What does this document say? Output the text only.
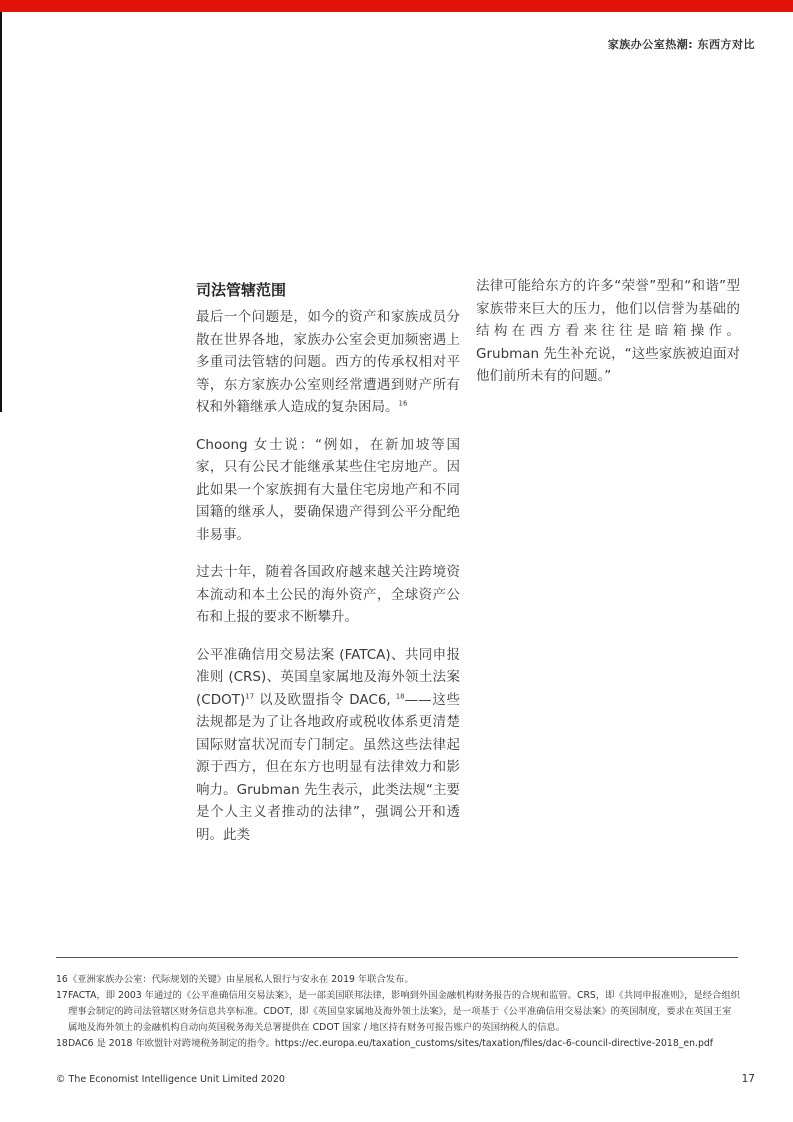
家族办公室热潮: 东西方对比
司法管辖范围

最后一个问题是，如今的资产和家族成员分散在世界各地，家族办公室会更加频密遇上多重司法管辖的问题。西方的传承权相对平等，东方家族办公室则经常遭遇到财产所有权和外籍继承人造成的复杂困局。$^{16}$

Choong 女士说：“例如，在新加坡等国家，只有公民才能继承某些住宅房地产。因此如果一个家族拥有大量住宅房地产和不同国籍的继承人，要确保遗产得到公平分配绝非易事。

过去十年，随着各国政府越来越关注跨境资本流动和本土公民的海外资产，全球资产公布和上报的要求不断攀升。

公平准确信用交易法案 (FATCA)、共同申报准则 (CRS)、英国皇家属地及海外领土法案 (CDOT)$^{17}$ 以及欧盟指令 DAC6, $^{18}$——这些法规都是为了让各地政府或税收体系更清楚国际财富状况而专门制定。虽然这些法律起源于西方，但在东方也明显有法律效力和影响力。Grubman 先生表示，此类法规“主要是个人主义者推动的法律”，强调公开和透明。此类

法律可能给东方的许多“荣誉”型和“和谐”型家族带来巨大的压力，他们以信誉为基础的结构在西方看来往往是暗箱操作。Grubman 先生补充说，“这些家族被迫面对他们前所未有的问题。”

16 《亚洲家族办公室：代际规划的关键》由星展私人银行与安永在 2019 年联合发布。
17 FACTA，即 2003 年通过的《公平准确信用交易法案》，是一部美国联邦法律，影响到外国金融机构财务报告的合规和监管。CRS，即《共同申报准则》，是经合组织理事会制定的跨司法管辖区财务信息共享标准。CDOT，即《英国皇家属地及海外领土法案》，是一项基于《公平准确信用交易法案》的英国制度，要求在英国王室属地及海外领土的金融机构自动向英国税务海关总署提供在 CDOT 国家 / 地区持有财务可报告账户的英国纳税人的信息。
18 DAC6 是 2018 年欧盟针对跨境税务制定的指令。https://ec.europa.eu/taxation_customs/sites/taxation/files/dac-6-council-directive-2018_en.pdf
© The Economist Intelligence Unit Limited 2020	17
